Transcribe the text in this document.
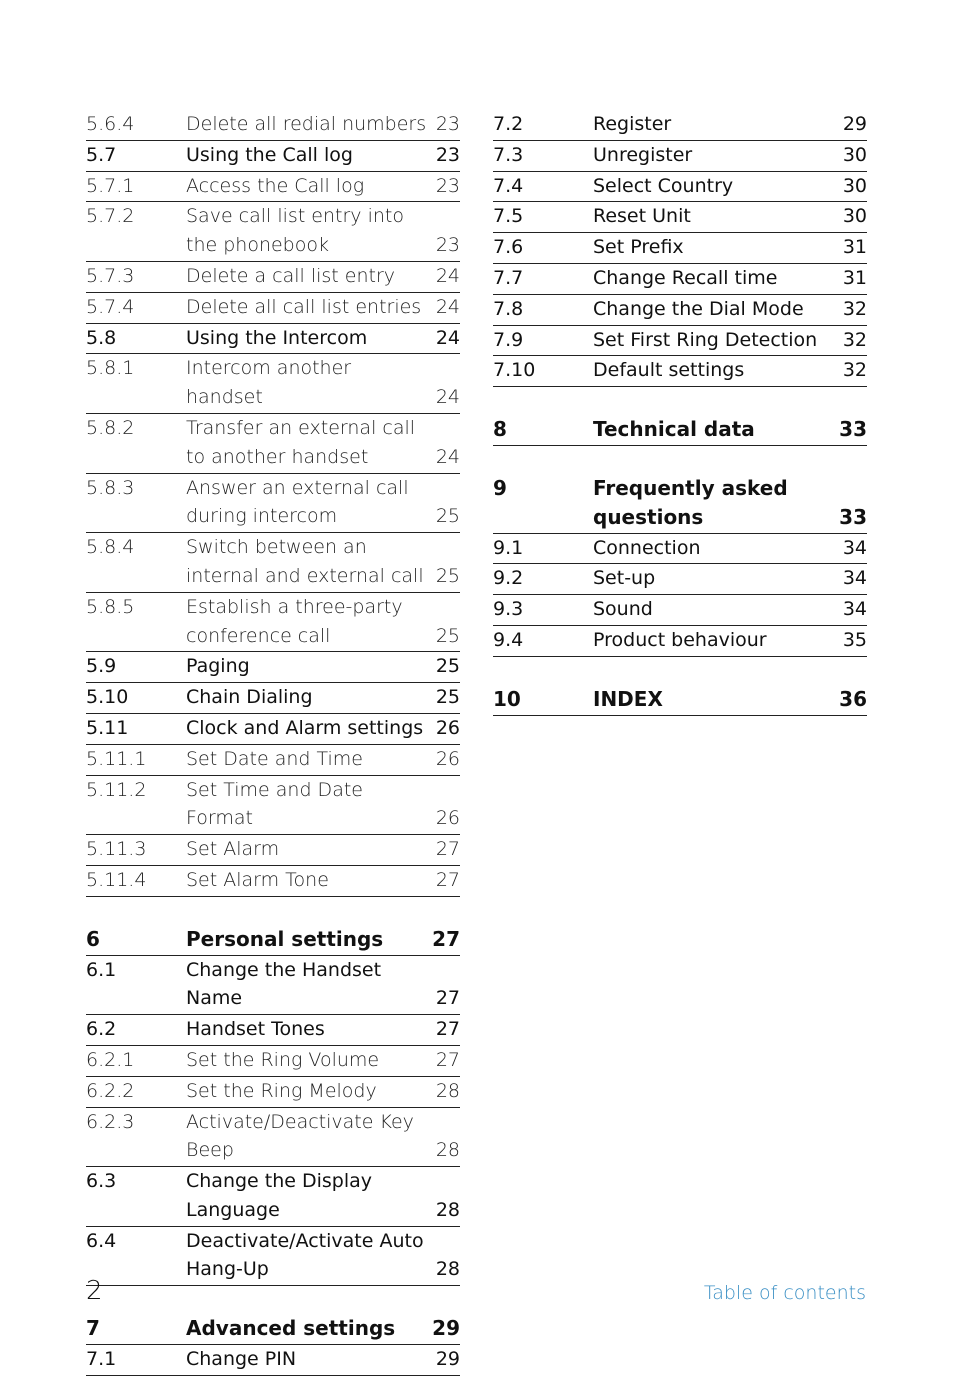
5.6.4	Delete all redial numbers 23
5.7	Using the Call log	23
5.7.1	Access the Call log	23
5.7.2	Save call list entry into the phonebook	23
5.7.3	Delete a call list entry	24
5.7.4	Delete all call list entries 24
5.8	Using the Intercom	24
5.8.1	Intercom another handset	24
5.8.2	Transfer an external call to another handset	24
5.8.3	Answer an external call during intercom	25
5.8.4	Switch between an internal and external call 25
5.8.5	Establish a three-party conference call	25
5.9	Paging	25
5.10	Chain Dialing	25
5.11	Clock and Alarm settings 26
5.11.1	Set Date and Time	26
5.11.2	Set Time and Date Format	26
5.11.3	Set Alarm	27
5.11.4	Set Alarm Tone	27
6	Personal settings	27
6.1	Change the Handset Name	27
6.2	Handset Tones	27
6.2.1	Set the Ring Volume	27
6.2.2	Set the Ring Melody	28
6.2.3	Activate/Deactivate Key Beep	28
6.3	Change the Display Language	28
6.4	Deactivate/Activate Auto Hang-Up	28
7	Advanced settings	29
7.1	Change PIN	29
7.2	Register	29
7.3	Unregister	30
7.4	Select Country	30
7.5	Reset Unit	30
7.6	Set Prefix	31
7.7	Change Recall time	31
7.8	Change the Dial Mode	32
7.9	Set First Ring Detection	32
7.10	Default settings	32
8	Technical data	33
9	Frequently asked questions	33
9.1	Connection	34
9.2	Set-up	34
9.3	Sound	34
9.4	Product behaviour	35
10	INDEX	36
2	Table of contents
